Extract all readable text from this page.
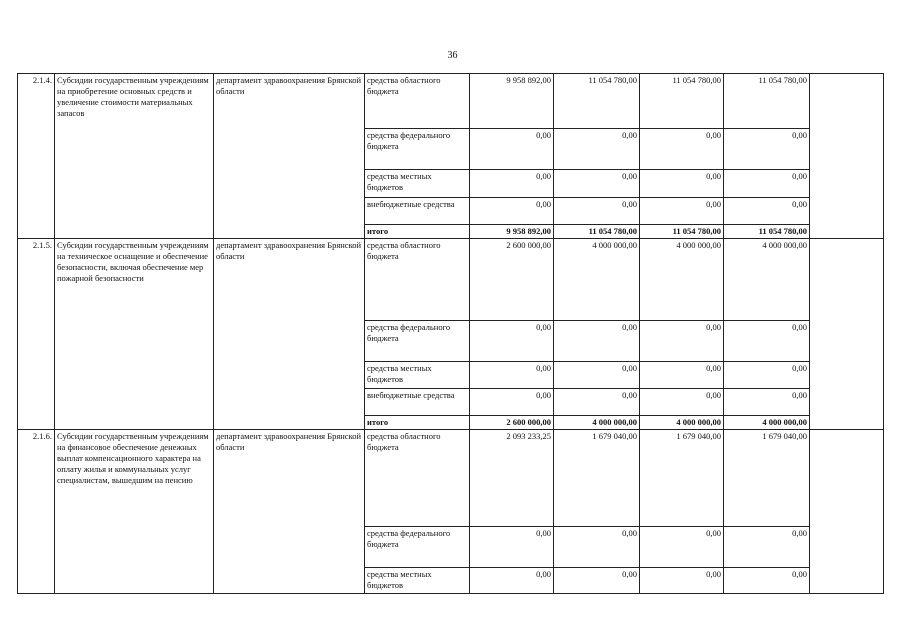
36
2.1.4.	Субсидии государственным учреждениям на приобретение основных средств и увеличение стоимости материальных запасов	департамент здравоохранения Брянской области	средства областного бюджета	9 958 892,00	11 054 780,00	11 054 780,00	11 054 780,00	
			средства федерального бюджета	0,00	0,00	0,00	0,00	
			средства местных бюджетов	0,00	0,00	0,00	0,00	
			внебюджетные средства	0,00	0,00	0,00	0,00	
			итого	9 958 892,00	11 054 780,00	11 054 780,00	11 054 780,00	
2.1.5.	Субсидии государственным учреждениям на техническое оснащение и обеспечение безопасности, включая обеспечение мер пожарной безопасности	департамент здравоохранения Брянской области	средства областного бюджета	2 600 000,00	4 000 000,00	4 000 000,00	4 000 000,00	
			средства федерального бюджета	0,00	0,00	0,00	0,00	
			средства местных бюджетов	0,00	0,00	0,00	0,00	
			внебюджетные средства	0,00	0,00	0,00	0,00	
			итого	2 600 000,00	4 000 000,00	4 000 000,00	4 000 000,00	
2.1.6.	Субсидии государственным учреждениям на финансовое обеспечение денежных выплат компенсационного характера на оплату жилья и коммунальных услуг специалистам, вышедшим на пенсию	департамент здравоохранения Брянской области	средства областного бюджета	2 093 233,25	1 679 040,00	1 679 040,00	1 679 040,00	
			средства федерального бюджета	0,00	0,00	0,00	0,00	
			средства местных бюджетов	0,00	0,00	0,00	0,00	
